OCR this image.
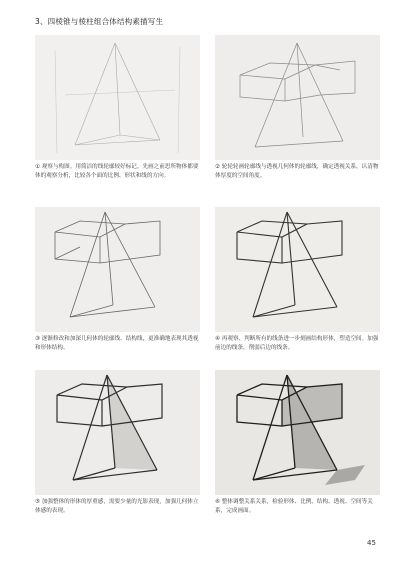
3、四棱锥与棱柱组合体结构素描写生
① 观察与构图。用简洁的线轮廓较好标记。先画之前思所物体都要体的观察分析，比较各个面的比例、形状和线的方向。
② 轮轮轮画轮廓线与透视几何体的轮廓线，确定透视关系，认清物体厚度的空间角度。
③ 逐渐修改和加深几何体的轮廓线、结构线，更准确地表现其透视和形体结构。
④ 再观察、判断所有的线条进一步刻画结构形体，塑造空间。加强前边的线条，削弱后边的线条。
⑤ 加强整体的形体的厚重感，需要少量的光影表现，加强几何体立体感的表现。
⑥ 整体调整关系关系，检验形体、比例、结构、透视、空间等关系，完成画面。
45
